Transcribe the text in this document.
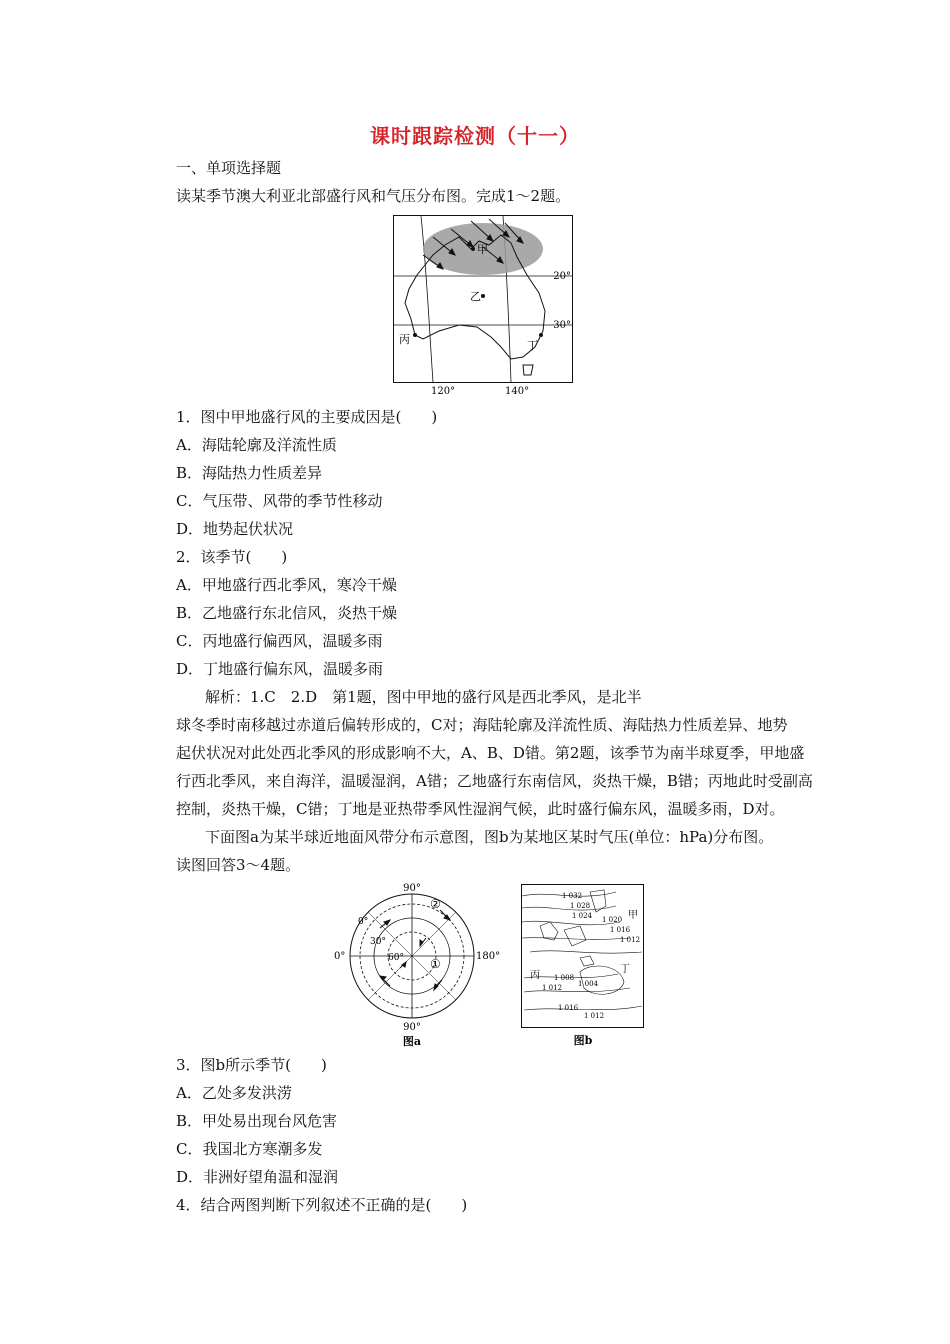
课时跟踪检测（十一）
一、单项选择题
读某季节澳大利亚北部盛行风和气压分布图。完成1～2题。
甲
乙
丙	丁
20°
30°
120°	140°
1．图中甲地盛行风的主要成因是(　　)
A．海陆轮廓及洋流性质
B．海陆热力性质差异
C．气压带、风带的季节性移动
D．地势起伏状况
2．该季节(　　)
A．甲地盛行西北季风，寒冷干燥
B．乙地盛行东北信风，炎热干燥
C．丙地盛行偏西风，温暖多雨
D．丁地盛行偏东风，温暖多雨
解析：1.C　2.D　第1题，图中甲地的盛行风是西北季风，是北半
球冬季时南移越过赤道后偏转形成的，C对；海陆轮廓及洋流性质、海陆热力性质差异、地势
起伏状况对此处西北季风的形成影响不大，A、B、D错。第2题，该季节为南半球夏季，甲地盛
行西北季风，来自海洋，温暖湿润，A错；乙地盛行东南信风，炎热干燥，B错；丙地此时受副高
控制，炎热干燥，C错；丁地是亚热带季风性湿润气候，此时盛行偏东风，温暖多雨，D对。
下面图a为某半球近地面风带分布示意图，图b为某地区某时气压(单位：hPa)分布图。
读图回答3～4题。
90°
90°
0°	180°
0°
30°
60°
②
①
图a
1 032
1 028
1 024 1 020
1 016
1 012
1 008
1 004
1 012
1 016
1 012
甲
丙
丁
图b
3．图b所示季节(　　)
A．乙处多发洪涝
B．甲处易出现台风危害
C．我国北方寒潮多发
D．非洲好望角温和湿润
4．结合两图判断下列叙述不正确的是(　　)
